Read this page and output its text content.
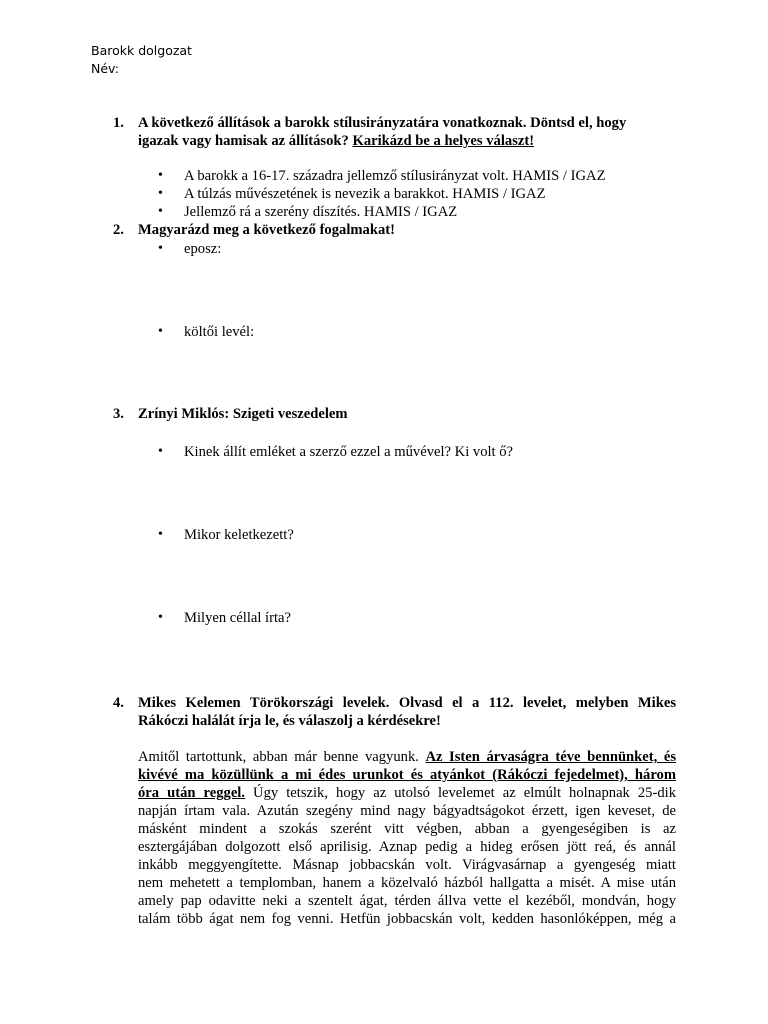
Barokk dolgozat
Név:
1. A következő állítások a barokk stílusirányzatára vonatkoznak. Döntsd el, hogy
igazak vagy hamisak az állítások? Karikázd be a helyes választ!
• A barokk a 16-17. századra jellemző stílusirányzat volt. HAMIS / IGAZ
• A túlzás művészetének is nevezik a barakkot. HAMIS / IGAZ
• Jellemző rá a szerény díszítés. HAMIS / IGAZ
2. Magyarázd meg a következő fogalmakat!
• eposz:
• költői levél:
3. Zrínyi Miklós: Szigeti veszedelem
• Kinek állít emléket a szerző ezzel a művével? Ki volt ő?
• Mikor keletkezett?
• Milyen céllal írta?
4. Mikes Kelemen Törökországi levelek. Olvasd el a 112. levelet, melyben Mikes
Rákóczi halálát írja le, és válaszolj a kérdésekre!
Amitől tartottunk, abban már benne vagyunk. Az Isten árvaságra téve bennünket, és
kivévé ma közüllünk a mi édes urunkot és atyánkot (Rákóczi fejedelmet), három
óra után reggel. Úgy tetszik, hogy az utolsó levelemet az elmúlt holnapnak 25-dik
napján írtam vala. Azután szegény mind nagy bágyadtságokot érzett, igen keveset, de
másként mindent a szokás szerént vitt végben, abban a gyengeségiben is az
esztergájában dolgozott első aprilisig. Aznap pedig a hideg erősen jött reá, és annál
inkább meggyengítette. Másnap jobbacskán volt. Virágvasárnap a gyengeség miatt
nem mehetett a templomban, hanem a közelvaló házból hallgatta a misét. A mise után
amely pap odavitte neki a szentelt ágat, térden állva vette el kezéből, mondván, hogy
talám több ágat nem fog venni. Hetfün jobbacskán volt, kedden hasonlóképpen, még a
